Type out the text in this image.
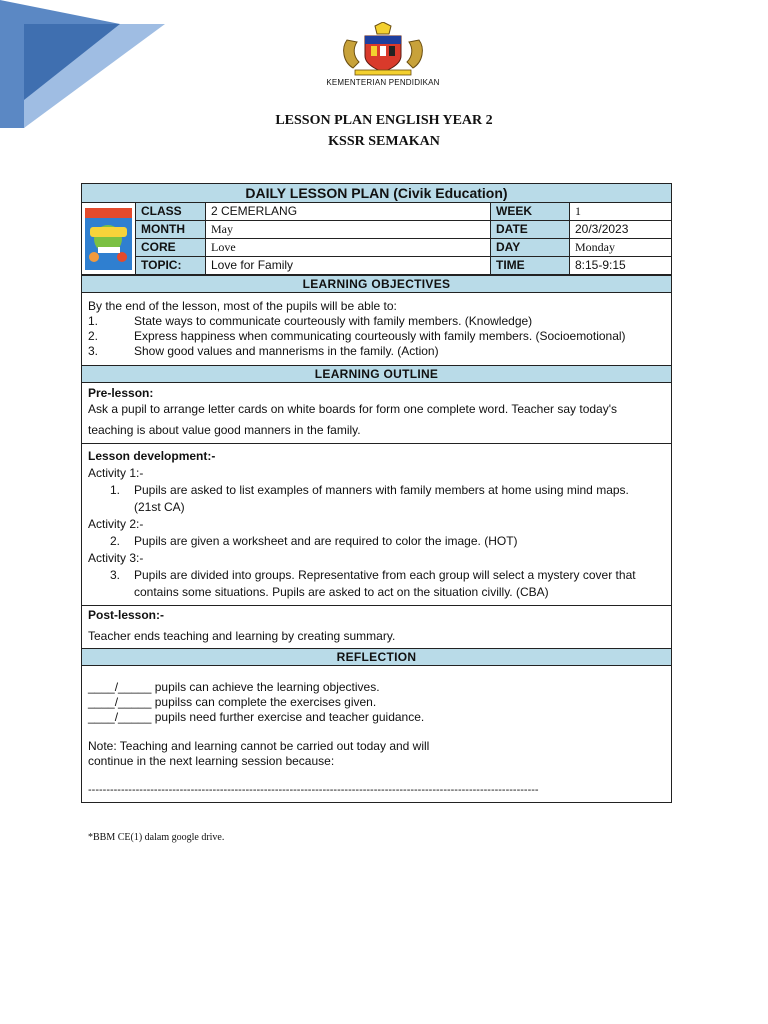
KEMENTERIAN PENDIDIKAN
LESSON PLAN ENGLISH YEAR 2
KSSR SEMAKAN
DAILY LESSON PLAN (Civik Education)
	CLASS	2 CEMERLANG	WEEK	1
	MONTH	May	DATE	20/3/2023
	CORE	Love	DAY	Monday
	TOPIC:	Love for Family	TIME	8:15-9:15
LEARNING OBJECTIVES
By the end of the lesson, most of the pupils will be able to:
1.	State ways to communicate courteously with family members. (Knowledge)
2.	Express happiness when communicating courteously with family members. (Socioemotional)
3.	Show good values and mannerisms in the family. (Action)
LEARNING OUTLINE
Pre-lesson:
Ask a pupil to arrange letter cards on white boards for form one complete word. Teacher say today's
teaching is about value good manners in the family.
Lesson development:-
Activity 1:-
1.	Pupils are asked to list examples of manners with family members at home using mind maps.
(21st CA)
Activity 2:-
2.	Pupils are given a worksheet and are required to color the image. (HOT)
Activity 3:-
3.	Pupils are divided into groups. Representative from each group will select a mystery cover that
contains some situations. Pupils are asked to act on the situation civilly. (CBA)
Post-lesson:-
Teacher ends teaching and learning by creating summary.
REFLECTION
____/_____ pupils can achieve the learning objectives.
____/_____ pupilss can complete the exercises given.
____/_____ pupils need further exercise and teacher guidance.
Note: Teaching and learning cannot be carried out today and will
continue in the next learning session because:
---------------------------------------------------------------------------------------------------------------------------
*BBM CE(1) dalam google drive.
